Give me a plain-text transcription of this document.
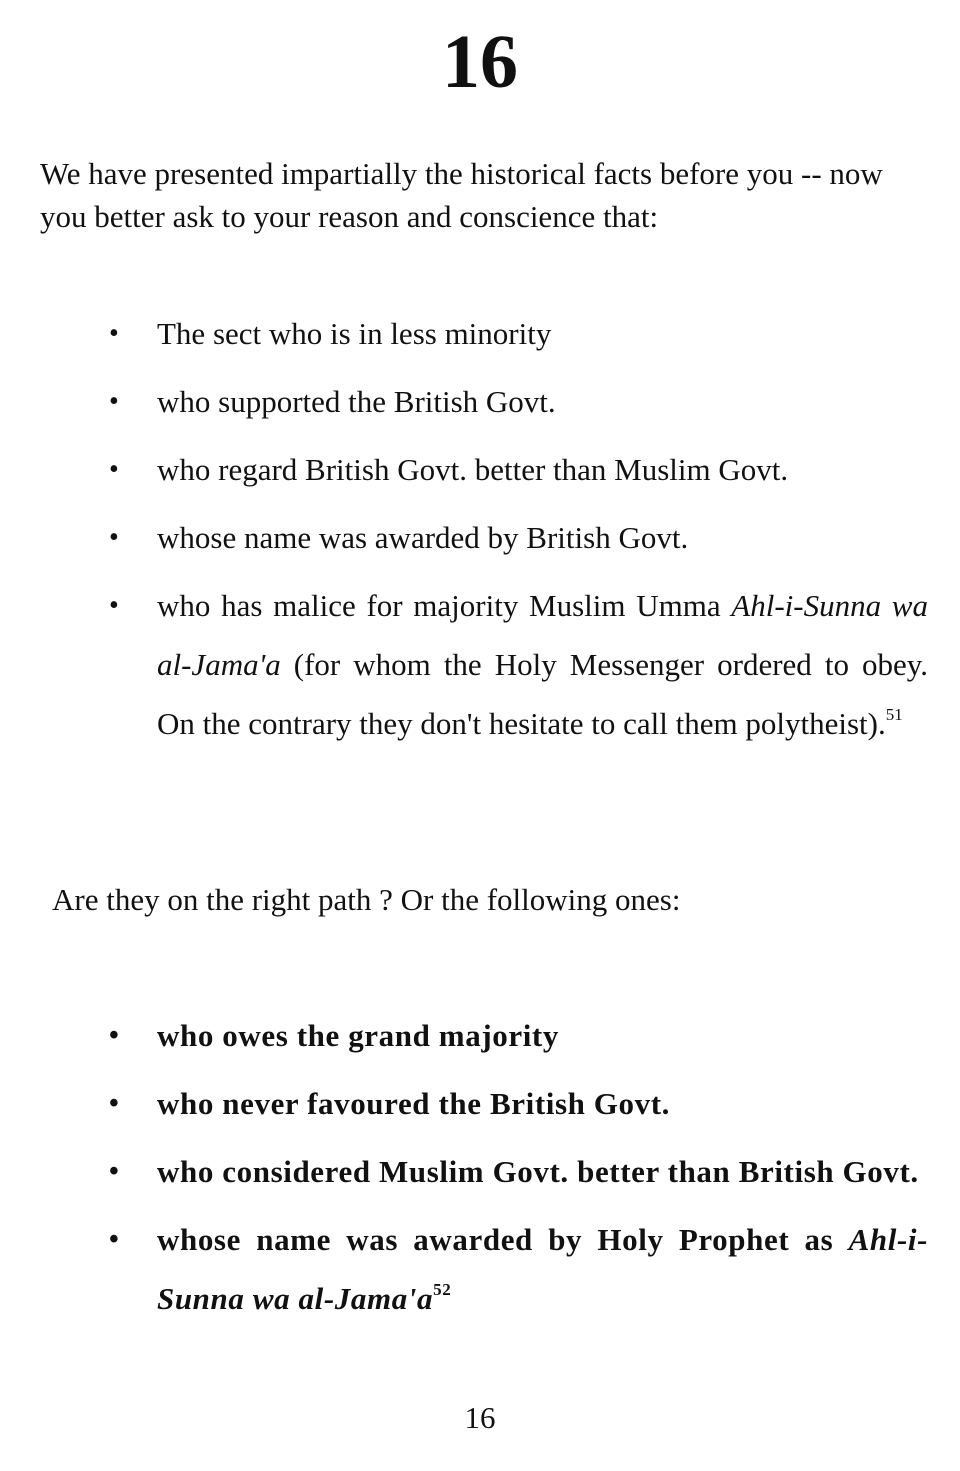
16

We have presented impartially the historical facts before you -- now you better ask to your reason and conscience that:

• The sect who is in less minority
• who supported the British Govt.
• who regard British Govt. better than Muslim Govt.
• whose name was awarded by British Govt.
• who has malice for majority Muslim Umma Ahl-i-Sunna wa al-Jama'a (for whom the Holy Messenger ordered to obey. On the contrary they don't hesitate to call them polytheist).$^{51}$

Are they on the right path ? Or the following ones:

• who owes the grand majority
• who never favoured the British Govt.
• who considered Muslim Govt. better than British Govt.
• whose name was awarded by Holy Prophet as Ahl-i-Sunna wa $al-Jama'a^{52}$
16
